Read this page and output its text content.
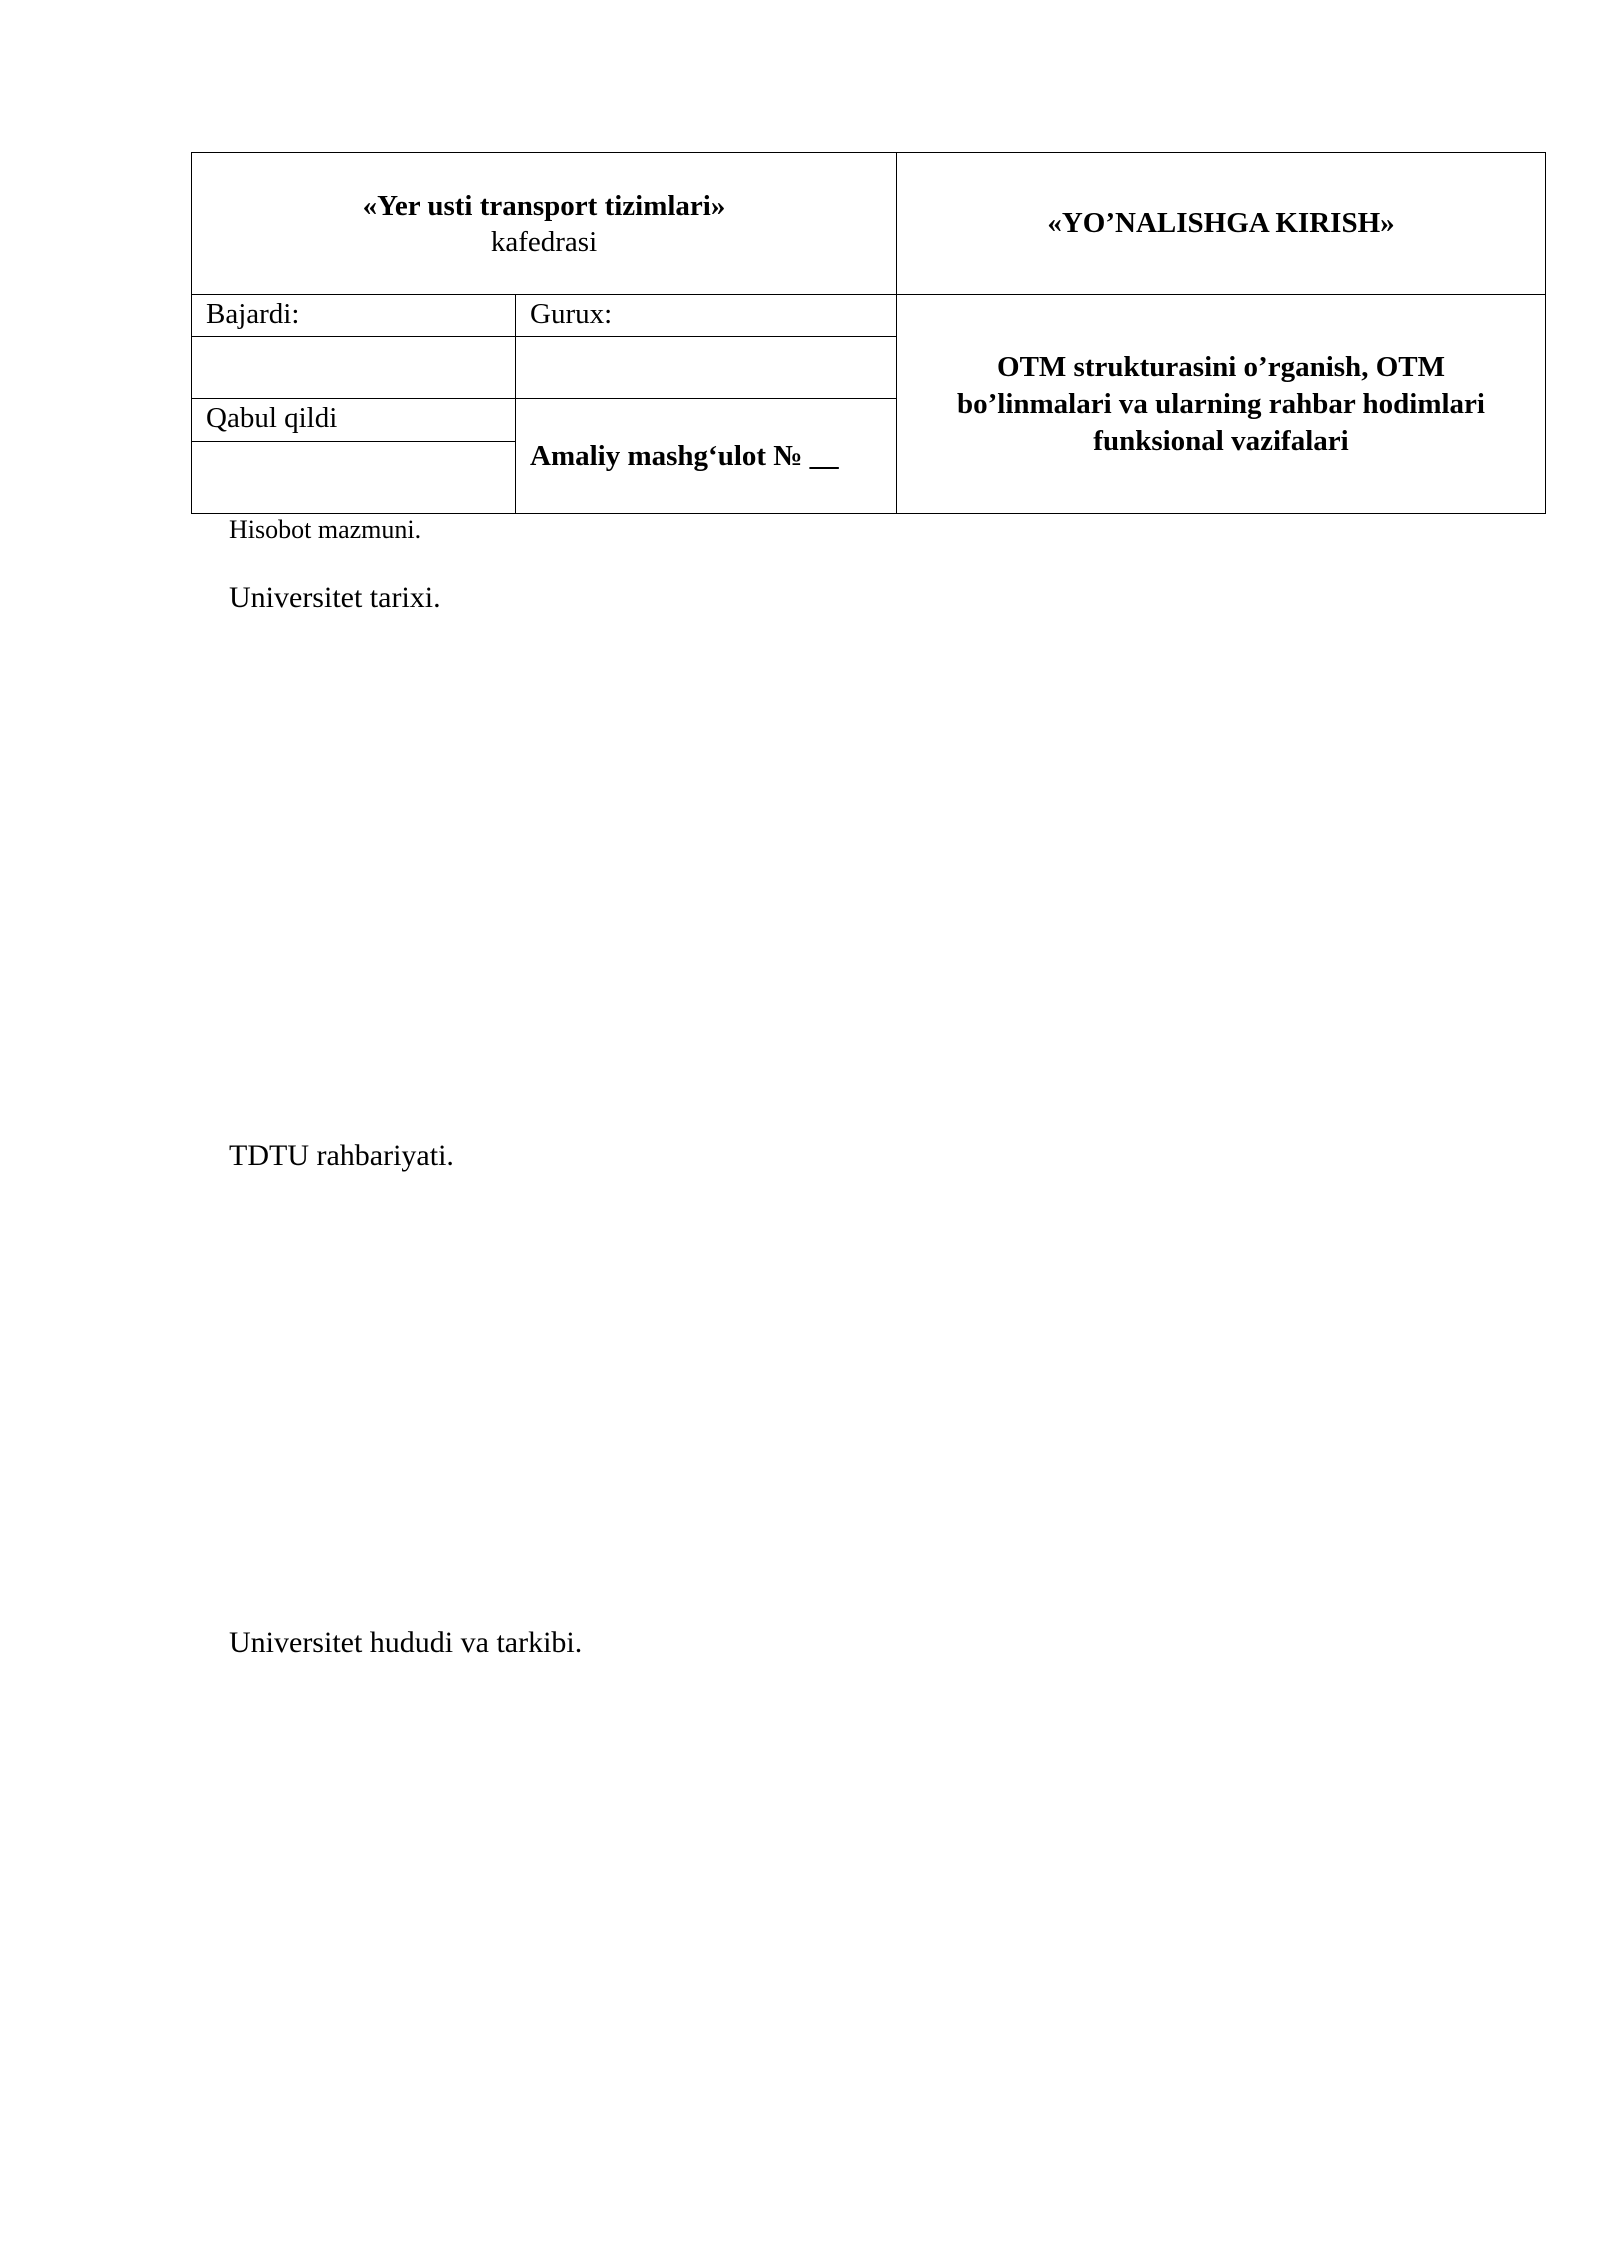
«Yer usti transport tizimlari»
kafedrasi		«YO’NALISHGA KIRISH»
Bajardi:	Gurux:	OTM strukturasini o’rganish, OTM bo’linmalari va ularning rahbar hodimlari funksional vazifalari

Qabul qildi	Amaliy mashg‘ulot № __	

Hisobot mazmuni.
Universitet tarixi.
TDTU rahbariyati.
Universitet hududi va tarkibi.
